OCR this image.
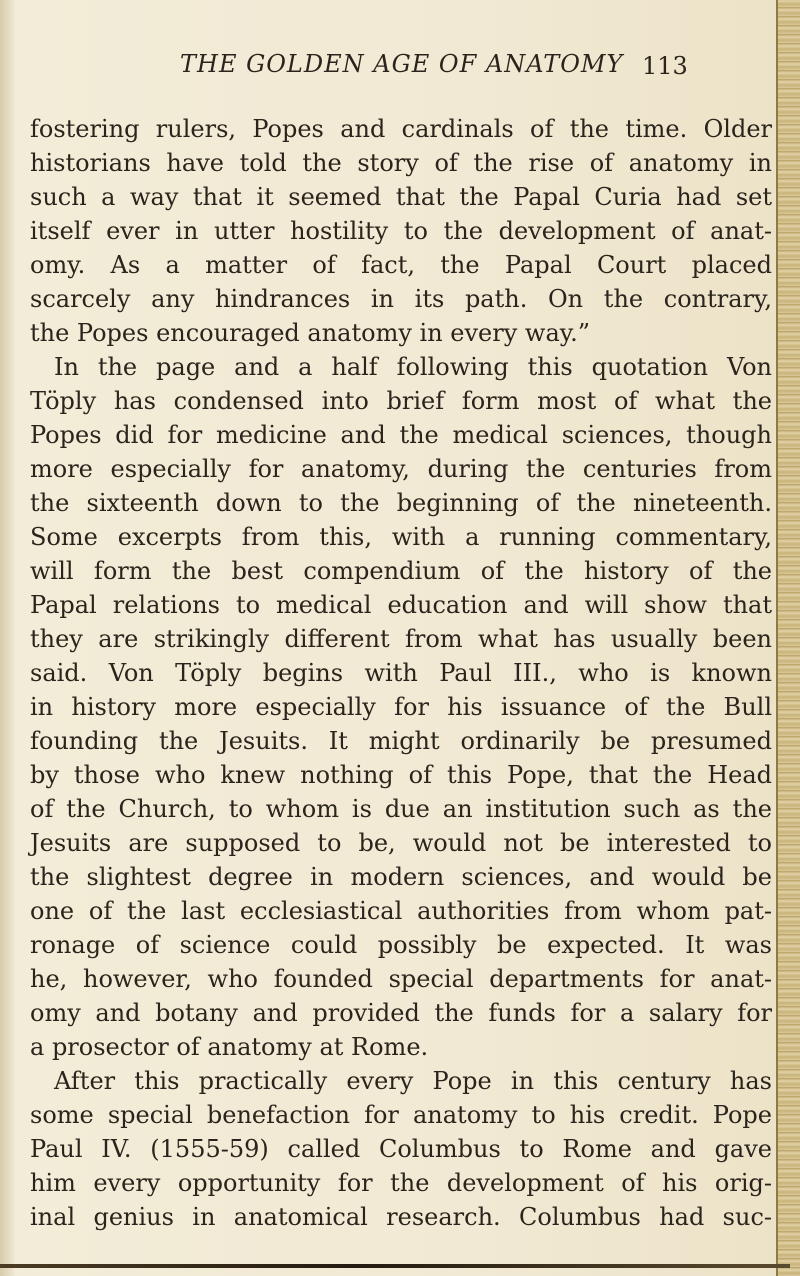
THE GOLDEN AGE OF ANATOMY 113
fostering rulers, Popes and cardinals of the time. Older
historians have told the story of the rise of anatomy in
such a way that it seemed that the Papal Curia had set
itself ever in utter hostility to the development of anat-
omy. As a matter of fact, the Papal Court placed
scarcely any hindrances in its path. On the contrary,
the Popes encouraged anatomy in every way.”
In the page and a half following this quotation Von
Töply has condensed into brief form most of what the
Popes did for medicine and the medical sciences, though
more especially for anatomy, during the centuries from
the sixteenth down to the beginning of the nineteenth.
Some excerpts from this, with a running commentary,
will form the best compendium of the history of the
Papal relations to medical education and will show that
they are strikingly different from what has usually been
said. Von Töply begins with Paul III., who is known
in history more especially for his issuance of the Bull
founding the Jesuits. It might ordinarily be presumed
by those who knew nothing of this Pope, that the Head
of the Church, to whom is due an institution such as the
Jesuits are supposed to be, would not be interested to
the slightest degree in modern sciences, and would be
one of the last ecclesiastical authorities from whom pat-
ronage of science could possibly be expected. It was
he, however, who founded special departments for anat-
omy and botany and provided the funds for a salary for
a prosector of anatomy at Rome.
After this practically every Pope in this century has
some special benefaction for anatomy to his credit. Pope
Paul IV. (1555-59) called Columbus to Rome and gave
him every opportunity for the development of his orig-
inal genius in anatomical research. Columbus had suc-
